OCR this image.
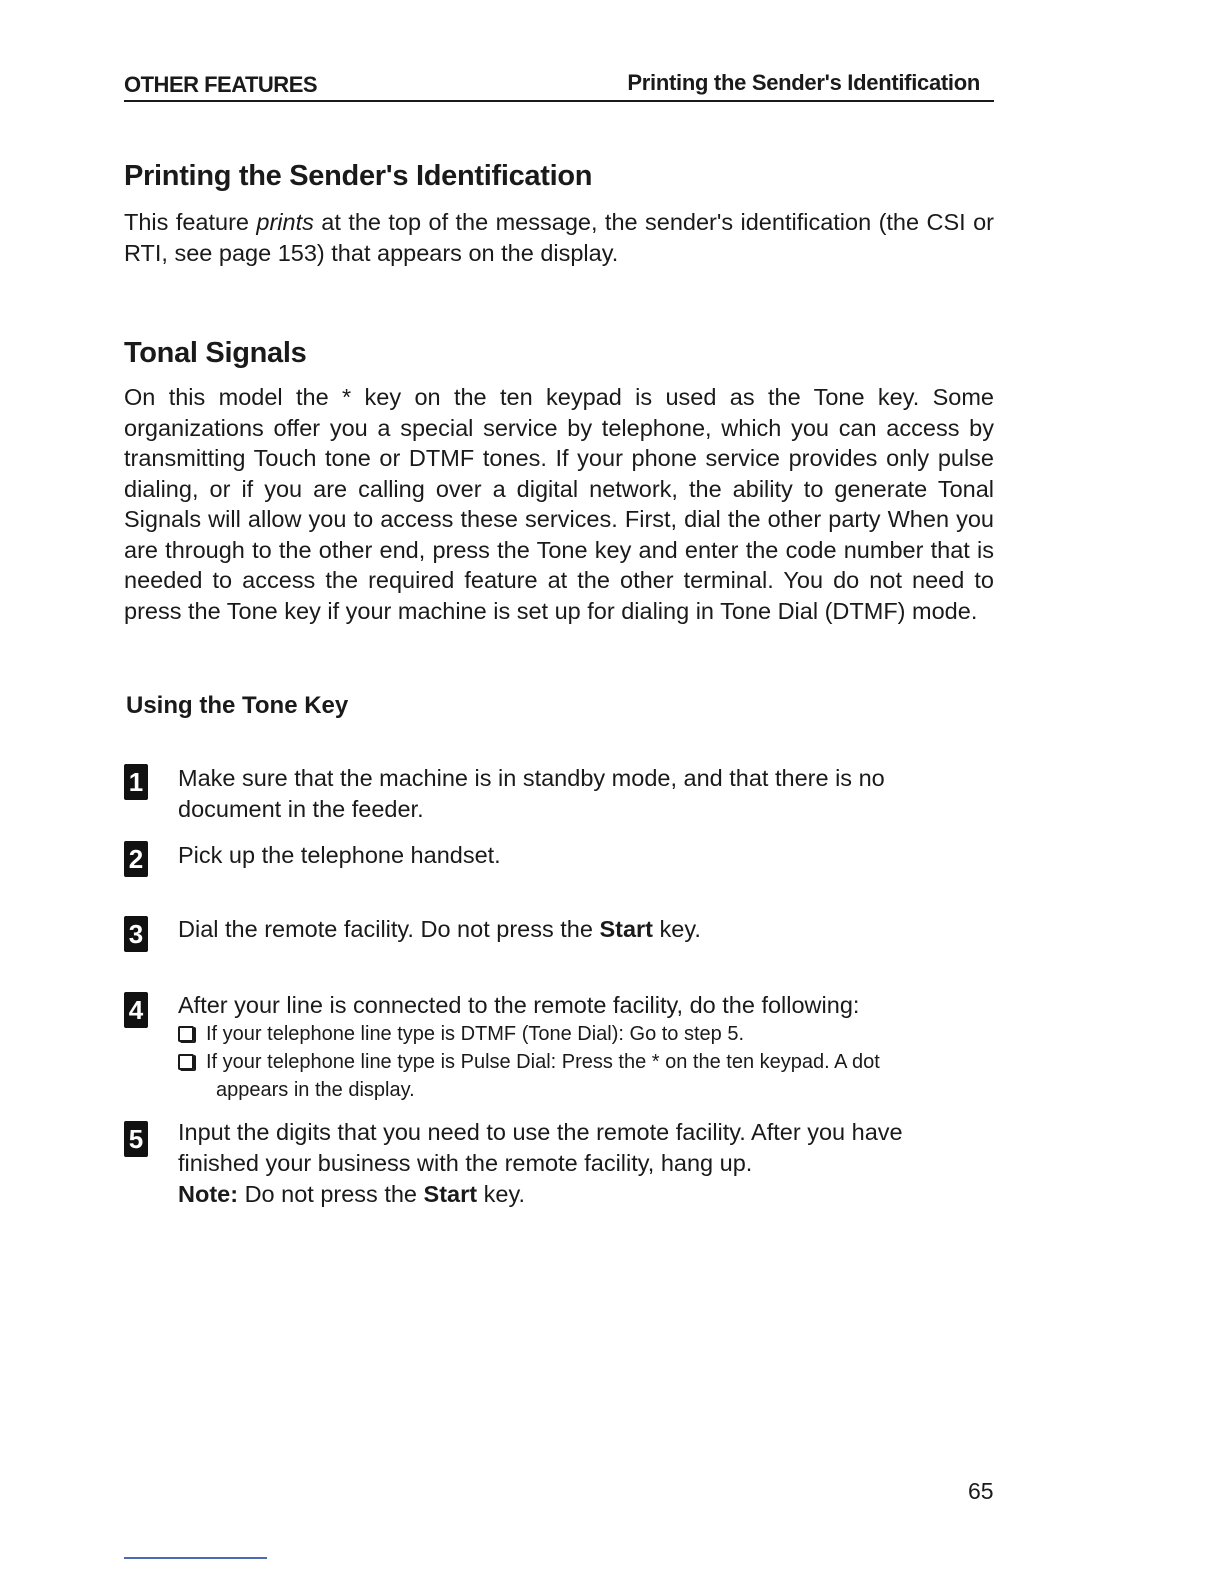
OTHER FEATURES	Printing the Sender's Identification
Printing the Sender's Identification
This feature prints at the top of the message, the sender's identification (the CSI or RTI, see page 153) that appears on the display.
Tonal Signals
On this model the * key on the ten keypad is used as the Tone key. Some organizations offer you a special service by telephone, which you can access by transmitting Touch tone or DTMF tones. If your phone service provides only pulse dialing, or if you are calling over a digital network, the ability to generate Tonal Signals will allow you to access these services. First, dial the other party When you are through to the other end, press the Tone key and enter the code number that is needed to access the required feature at the other terminal. You do not need to press the Tone key if your machine is set up for dialing in Tone Dial (DTMF) mode.
Using the Tone Key
1 Make sure that the machine is in standby mode, and that there is no document in the feeder.
2 Pick up the telephone handset.
3 Dial the remote facility. Do not press the Start key.
4 After your line is connected to the remote facility, do the following:
If your telephone line type is DTMF (Tone Dial): Go to step 5.
If your telephone line type is Pulse Dial: Press the * on the ten keypad. A dot
appears in the display.
5 Input the digits that you need to use the remote facility. After you have finished your business with the remote facility, hang up.
Note: Do not press the Start key.
65
